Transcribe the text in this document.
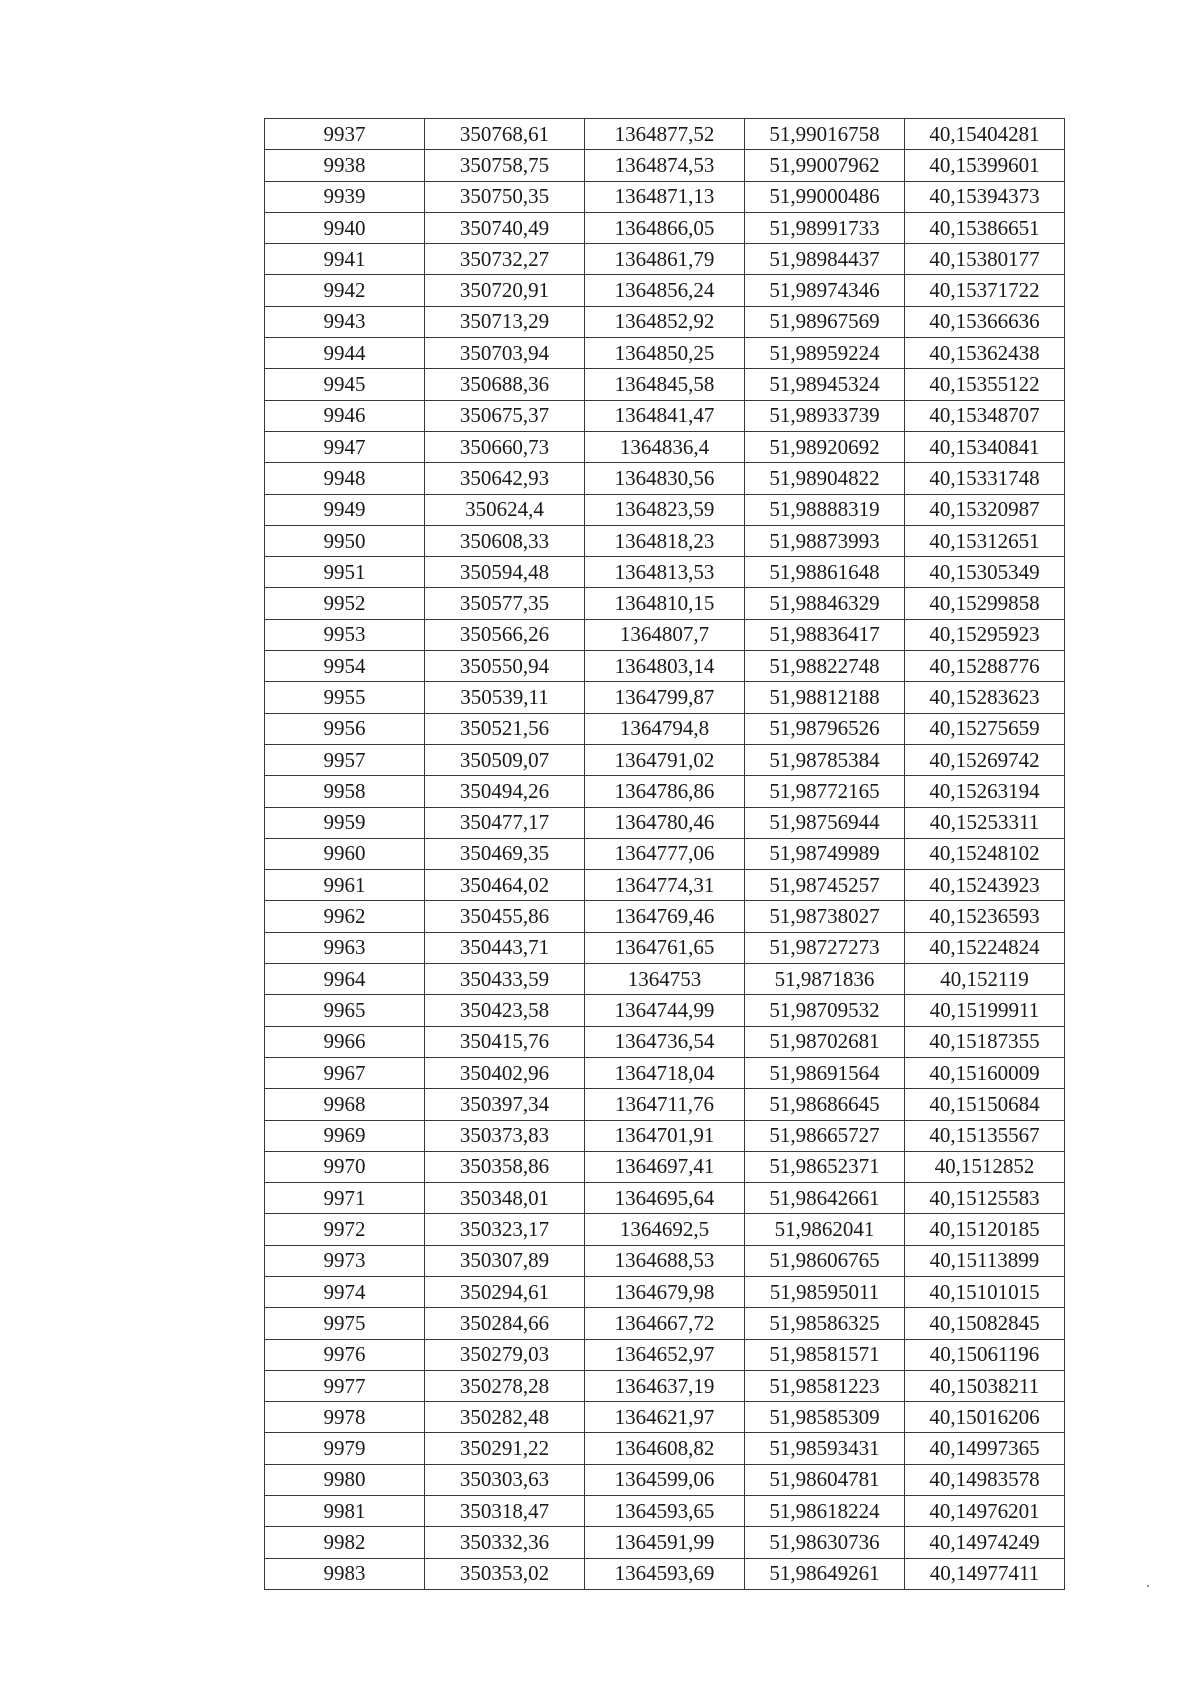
9937	350768,61	1364877,52	51,99016758	40,15404281
9938	350758,75	1364874,53	51,99007962	40,15399601
9939	350750,35	1364871,13	51,99000486	40,15394373
9940	350740,49	1364866,05	51,98991733	40,15386651
9941	350732,27	1364861,79	51,98984437	40,15380177
9942	350720,91	1364856,24	51,98974346	40,15371722
9943	350713,29	1364852,92	51,98967569	40,15366636
9944	350703,94	1364850,25	51,98959224	40,15362438
9945	350688,36	1364845,58	51,98945324	40,15355122
9946	350675,37	1364841,47	51,98933739	40,15348707
9947	350660,73	1364836,4	51,98920692	40,15340841
9948	350642,93	1364830,56	51,98904822	40,15331748
9949	350624,4	1364823,59	51,98888319	40,15320987
9950	350608,33	1364818,23	51,98873993	40,15312651
9951	350594,48	1364813,53	51,98861648	40,15305349
9952	350577,35	1364810,15	51,98846329	40,15299858
9953	350566,26	1364807,7	51,98836417	40,15295923
9954	350550,94	1364803,14	51,98822748	40,15288776
9955	350539,11	1364799,87	51,98812188	40,15283623
9956	350521,56	1364794,8	51,98796526	40,15275659
9957	350509,07	1364791,02	51,98785384	40,15269742
9958	350494,26	1364786,86	51,98772165	40,15263194
9959	350477,17	1364780,46	51,98756944	40,15253311
9960	350469,35	1364777,06	51,98749989	40,15248102
9961	350464,02	1364774,31	51,98745257	40,15243923
9962	350455,86	1364769,46	51,98738027	40,15236593
9963	350443,71	1364761,65	51,98727273	40,15224824
9964	350433,59	1364753	51,9871836	40,152119
9965	350423,58	1364744,99	51,98709532	40,15199911
9966	350415,76	1364736,54	51,98702681	40,15187355
9967	350402,96	1364718,04	51,98691564	40,15160009
9968	350397,34	1364711,76	51,98686645	40,15150684
9969	350373,83	1364701,91	51,98665727	40,15135567
9970	350358,86	1364697,41	51,98652371	40,1512852
9971	350348,01	1364695,64	51,98642661	40,15125583
9972	350323,17	1364692,5	51,9862041	40,15120185
9973	350307,89	1364688,53	51,98606765	40,15113899
9974	350294,61	1364679,98	51,98595011	40,15101015
9975	350284,66	1364667,72	51,98586325	40,15082845
9976	350279,03	1364652,97	51,98581571	40,15061196
9977	350278,28	1364637,19	51,98581223	40,15038211
9978	350282,48	1364621,97	51,98585309	40,15016206
9979	350291,22	1364608,82	51,98593431	40,14997365
9980	350303,63	1364599,06	51,98604781	40,14983578
9981	350318,47	1364593,65	51,98618224	40,14976201
9982	350332,36	1364591,99	51,98630736	40,14974249
9983	350353,02	1364593,69	51,98649261	40,14977411
